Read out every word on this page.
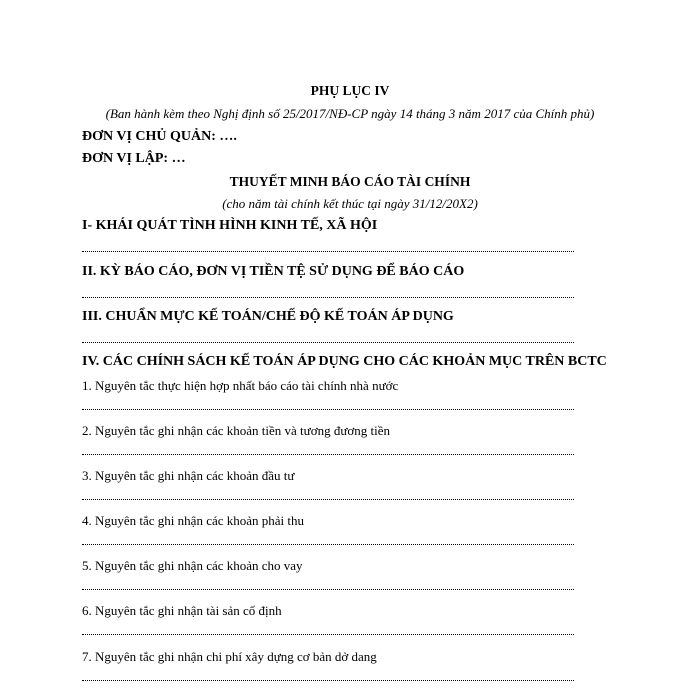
PHỤ LỤC IV
(Ban hành kèm theo Nghị định số 25/2017/NĐ-CP ngày 14 tháng 3 năm 2017 của Chính phủ)
ĐƠN VỊ CHỦ QUẢN: ….
ĐƠN VỊ LẬP: …
THUYẾT MINH BÁO CÁO TÀI CHÍNH
(cho năm tài chính kết thúc tại ngày 31/12/20X2)
I- KHÁI QUÁT TÌNH HÌNH KINH TẾ, XÃ HỘI
II. KỲ BÁO CÁO, ĐƠN VỊ TIỀN TỆ SỬ DỤNG ĐỂ BÁO CÁO
III. CHUẨN MỰC KẾ TOÁN/CHẾ ĐỘ KẾ TOÁN ÁP DỤNG
IV. CÁC CHÍNH SÁCH KẾ TOÁN ÁP DỤNG CHO CÁC KHOẢN MỤC TRÊN BCTC
1. Nguyên tắc thực hiện hợp nhất báo cáo tài chính nhà nước
2. Nguyên tắc ghi nhận các khoản tiền và tương đương tiền
3. Nguyên tắc ghi nhận các khoản đầu tư
4. Nguyên tắc ghi nhận các khoản phải thu
5. Nguyên tắc ghi nhận các khoản cho vay
6. Nguyên tắc ghi nhận tài sản cố định
7. Nguyên tắc ghi nhận chi phí xây dựng cơ bản dở dang
